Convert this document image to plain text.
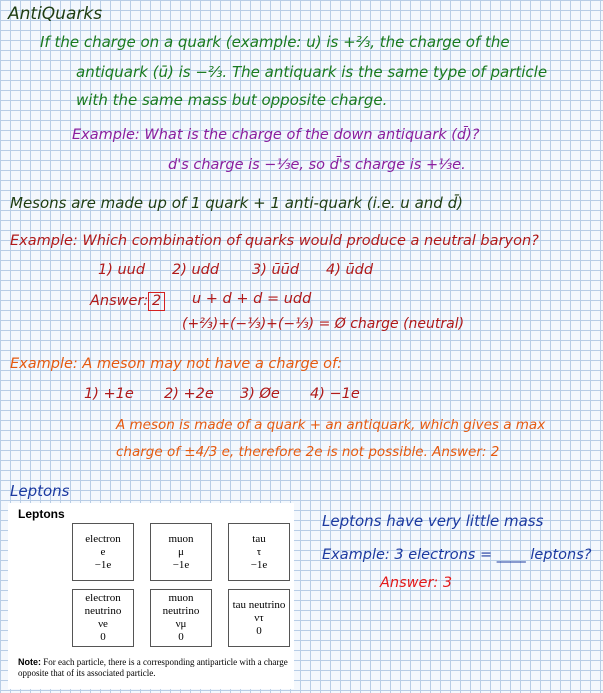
AntiQuarks
If the charge on a quark (example: u) is +⅔, the charge of the
antiquark (ū) is −⅔. The antiquark is the same type of particle
with the same mass but opposite charge.
Example: What is the charge of the down antiquark (d̄)?
d's charge is −⅓e, so d̄'s charge is +⅓e.
Mesons are made up of 1 quark + 1 anti-quark (i.e. u and d̄)
Example: Which combination of quarks would produce a neutral baryon?
1) uud 2) udd 3) ūūd 4) ūdd
Answer: 2 u + d + d = udd
(+⅔)+(−⅓)+(−⅓) = Ø charge (neutral)
Example: A meson may not have a charge of:
1) +1e 2) +2e 3) Øe 4) −1e
A meson is made of a quark + an antiquark, which gives a max
charge of ±4/3 e, therefore 2e is not possible. Answer: 2
Leptons
Leptons
electron
e
−1e
muon
μ
−1e
tau
τ
−1e
electron neutrino
νe
0
muon neutrino
νμ
0
tau neutrino
ντ
0
Note: For each particle, there is a corresponding antiparticle with a charge opposite that of its associated particle.
Leptons have very little mass
Example: 3 electrons = ____ leptons?
Answer: 3
